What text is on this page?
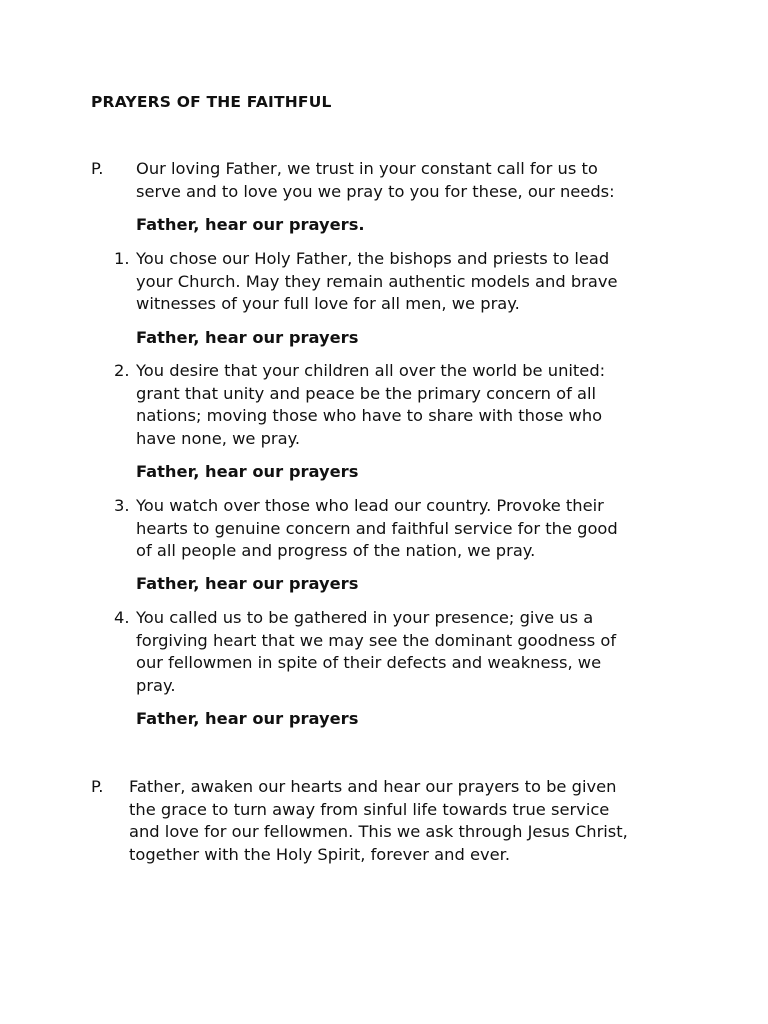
PRAYERS OF THE FAITHFUL
P. Our loving Father, we trust in your constant call for us to
serve and to love you we pray to you for these, our needs:
Father, hear our prayers.
1. You chose our Holy Father, the bishops and priests to lead
your Church. May they remain authentic models and brave
witnesses of your full love for all men, we pray.
Father, hear our prayers
2. You desire that your children all over the world be united:
grant that unity and peace be the primary concern of all
nations; moving those who have to share with those who
have none, we pray.
Father, hear our prayers
3. You watch over those who lead our country. Provoke their
hearts to genuine concern and faithful service for the good
of all people and progress of the nation, we pray.
Father, hear our prayers
4. You called us to be gathered in your presence; give us a
forgiving heart that we may see the dominant goodness of
our fellowmen in spite of their defects and weakness, we
pray.
Father, hear our prayers
P. Father, awaken our hearts and hear our prayers to be given
the grace to turn away from sinful life towards true service
and love for our fellowmen. This we ask through Jesus Christ,
together with the Holy Spirit, forever and ever.
